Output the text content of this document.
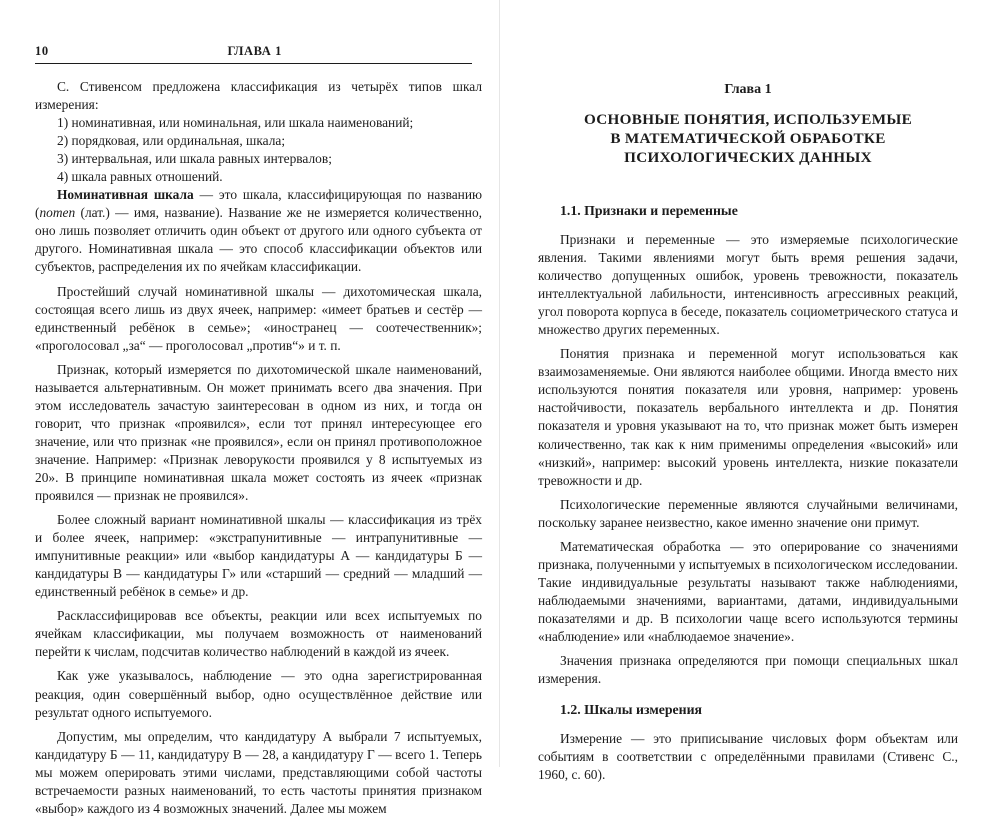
10	ГЛАВА 1

С. Стивенсом предложена классификация из четырёх типов шкал измерения:

1) номинативная, или номинальная, или шкала наименований;
2) порядковая, или ординальная, шкала;
3) интервальная, или шкала равных интервалов;
4) шкала равных отношений.

Номинативная шкала — это шкала, классифицирующая по названию (потеп (лат.) — имя, название). Название же не измеряется количественно, оно лишь позволяет отличить один объект от другого или одного субъекта от другого. Номинативная шкала — это способ классификации объектов или субъектов, распределения их по ячейкам классификации.

Простейший случай номинативной шкалы — дихотомическая шкала, состоящая всего лишь из двух ячеек, например: «имеет братьев и сестёр — единственный ребёнок в семье»; «иностранец — соотечественник»; «проголосовал „за“ — проголосовал „против“» и т. п.

Признак, который измеряется по дихотомической шкале наименований, называется альтернативным. Он может принимать всего два значения. При этом исследователь зачастую заинтересован в одном из них, и тогда он говорит, что признак «проявился», если тот принял интересующее его значение, или что признак «не проявился», если он принял противоположное значение. Например: «Признак леворукости проявился у 8 испытуемых из 20». В принципе номинативная шкала может состоять из ячеек «признак проявился — признак не проявился».

Более сложный вариант номинативной шкалы — классификация из трёх и более ячеек, например: «экстрапунитивные — интрапунитивные — импунитивные реакции» или «выбор кандидатуры А — кандидатуры Б — кандидатуры В — кандидатуры Г» или «старший — средний — младший — единственный ребёнок в семье» и др.

Расклассифицировав все объекты, реакции или всех испытуемых по ячейкам классификации, мы получаем возможность от наименований перейти к числам, подсчитав количество наблюдений в каждой из ячеек.

Как уже указывалось, наблюдение — это одна зарегистрированная реакция, один совершённый выбор, одно осуществлённое действие или результат одного испытуемого.

Допустим, мы определим, что кандидатуру А выбрали 7 испытуемых, кандидатуру Б — 11, кандидатуру В — 28, а кандидатуру Г — всего 1. Теперь мы можем оперировать этими числами, представляющими собой частоты встречаемости разных наименований, то есть частоты принятия признаком «выбор» каждого из 4 возможных значений. Далее мы можем

Глава 1
ОСНОВНЫЕ ПОНЯТИЯ, ИСПОЛЬЗУЕМЫЕ
В МАТЕМАТИЧЕСКОЙ ОБРАБОТКЕ
ПСИХОЛОГИЧЕСКИХ ДАННЫХ
1.1. Признаки и переменные

Признаки и переменные — это измеряемые психологические явления. Такими явлениями могут быть время решения задачи, количество допущенных ошибок, уровень тревожности, показатель интеллектуальной лабильности, интенсивность агрессивных реакций, угол поворота корпуса в беседе, показатель социометрического статуса и множество других переменных.

Понятия признака и переменной могут использоваться как взаимозаменяемые. Они являются наиболее общими. Иногда вместо них используются понятия показателя или уровня, например: уровень настойчивости, показатель вербального интеллекта и др. Понятия показателя и уровня указывают на то, что признак может быть измерен количественно, так как к ним применимы определения «высокий» или «низкий», например: высокий уровень интеллекта, низкие показатели тревожности и др.

Психологические переменные являются случайными величинами, поскольку заранее неизвестно, какое именно значение они примут.

Математическая обработка — это оперирование со значениями признака, полученными у испытуемых в психологическом исследовании. Такие индивидуальные результаты называют также наблюдениями, наблюдаемыми значениями, вариантами, датами, индивидуальными показателями и др. В психологии чаще всего используются термины «наблюдение» или «наблюдаемое значение».

Значения признака определяются при помощи специальных шкал измерения.

1.2. Шкалы измерения

Измерение — это приписывание числовых форм объектам или событиям в соответствии с определёнными правилами (Стивенс С., 1960, с. 60).
